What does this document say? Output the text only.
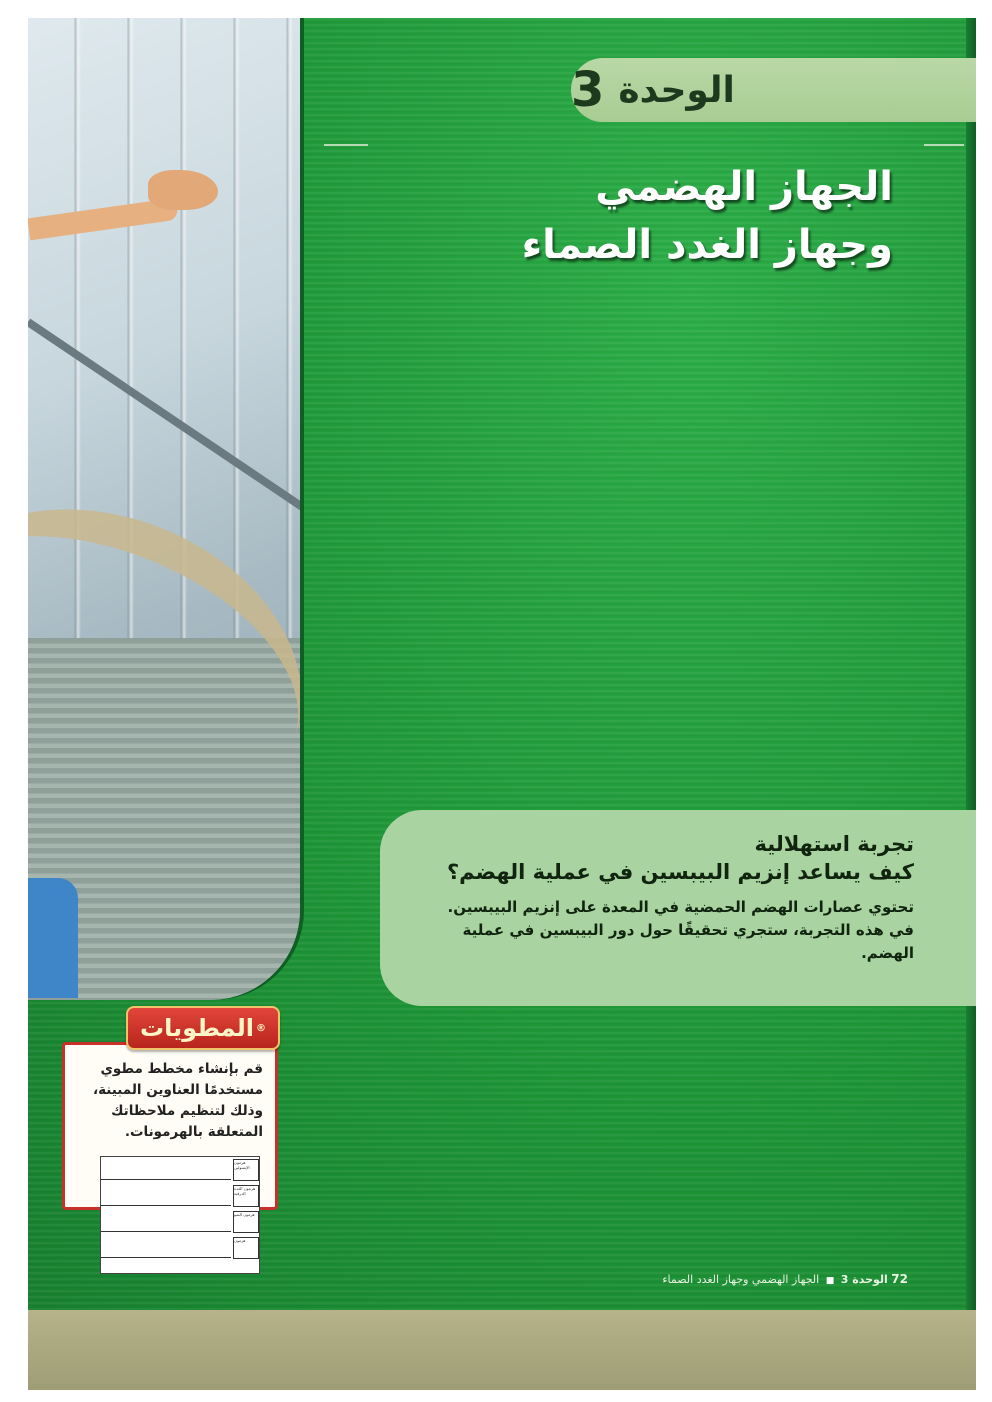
الوحدة
3
الجهاز الهضمي
وجهاز الغدد الصماء
تجربة استهلالية
كيف يساعد إنزيم البيبسين في عملية الهضم؟
تحتوي عصارات الهضم الحمضية في المعدة على إنزيم البيبسين. في هذه التجربة، ستجري تحقيقًا حول دور البيبسين في عملية الهضم.
قم بإنشاء مخطط مطوي مستخدمًا العناوين المبينة، وذلك لتنظيم ملاحظاتك المتعلقة بالهرمونات.
المطويات ®
هرمون الإنسولين
هرمون الغدة الدرقية
هرمون النمو
هرمون
72 الوحدة 3 ■ الجهاز الهضمي وجهاز الغدد الصماء
